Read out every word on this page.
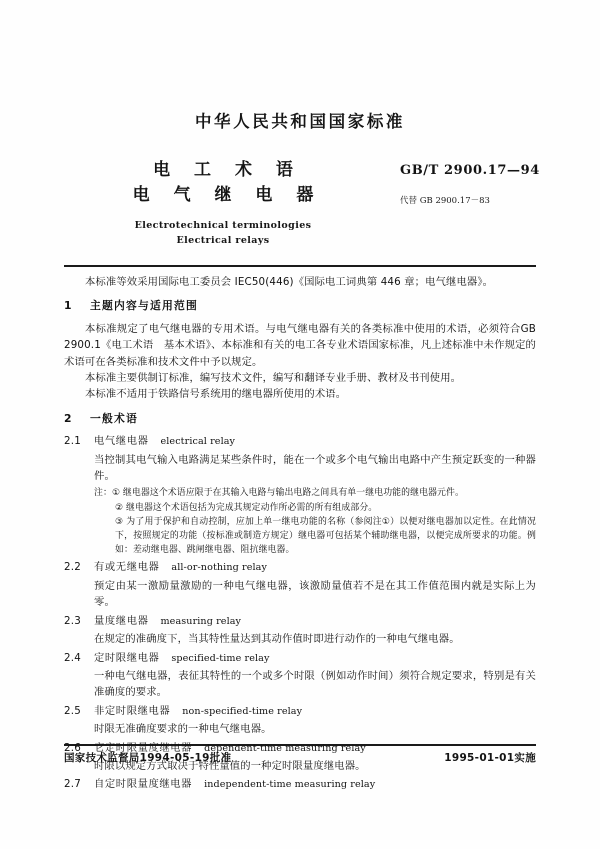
中华人民共和国国家标准
电 工 术 语
电 气 继 电 器
Electrotechnical terminologies
Electrical relays
GB/T 2900.17—94
代替 GB 2900.17－83

本标准等效采用国际电工委员会 IEC50(446)《国际电工词典第 446 章；电气继电器》。

1	主题内容与适用范围

本标准规定了电气继电器的专用术语。与电气继电器有关的各类标准中使用的术语，必须符合GB 2900.1《电工术语　基本术语》、本标准和有关的电工各专业术语国家标准，凡上述标准中未作规定的术语可在各类标准和技术文件中予以规定。

本标准主要供制订标准，编写技术文件，编写和翻译专业手册、教材及书刊使用。

本标准不适用于铁路信号系统用的继电器所使用的术语。

2	一般术语
2.1	电气继电器 electrical relay
当控制其电气输入电路满足某些条件时，能在一个或多个电气输出电路中产生预定跃变的一种器件。
注： ① 继电器这个术语应限于在其输入电路与输出电路之间具有单一继电功能的继电器元件。
② 继电器这个术语包括为完成其规定动作所必需的所有组成部分。
③ 为了用于保护和自动控制，应加上单一继电功能的名称（参阅注①）以便对继电器加以定性。在此情况下，按照规定的功能（按标准或制造方规定）继电器可包括某个辅助继电器，以便完成所要求的功能。例如：差动继电器、跳闸继电器、阻抗继电器。
2.2	有或无继电器 all-or-nothing relay
预定由某一激励量激励的一种电气继电器，该激励量值若不是在其工作值范围内就是实际上为零。
2.3	量度继电器 measuring relay
在规定的准确度下，当其特性量达到其动作值时即进行动作的一种电气继电器。
2.4	定时限继电器 specified-time relay
一种电气继电器，表征其特性的一个或多个时限（例如动作时间）须符合规定要求，特别是有关准确度的要求。
2.5	非定时限继电器 non-specified-time relay
时限无准确度要求的一种电气继电器。
2.6	它定时限量度继电器 dependent-time measuring relay
时限以规定方式取决于特性量值的一种定时限量度继电器。
2.7	自定时限量度继电器 independent-time measuring relay
国家技术监督局1994-05-19批准	1995-01-01实施
